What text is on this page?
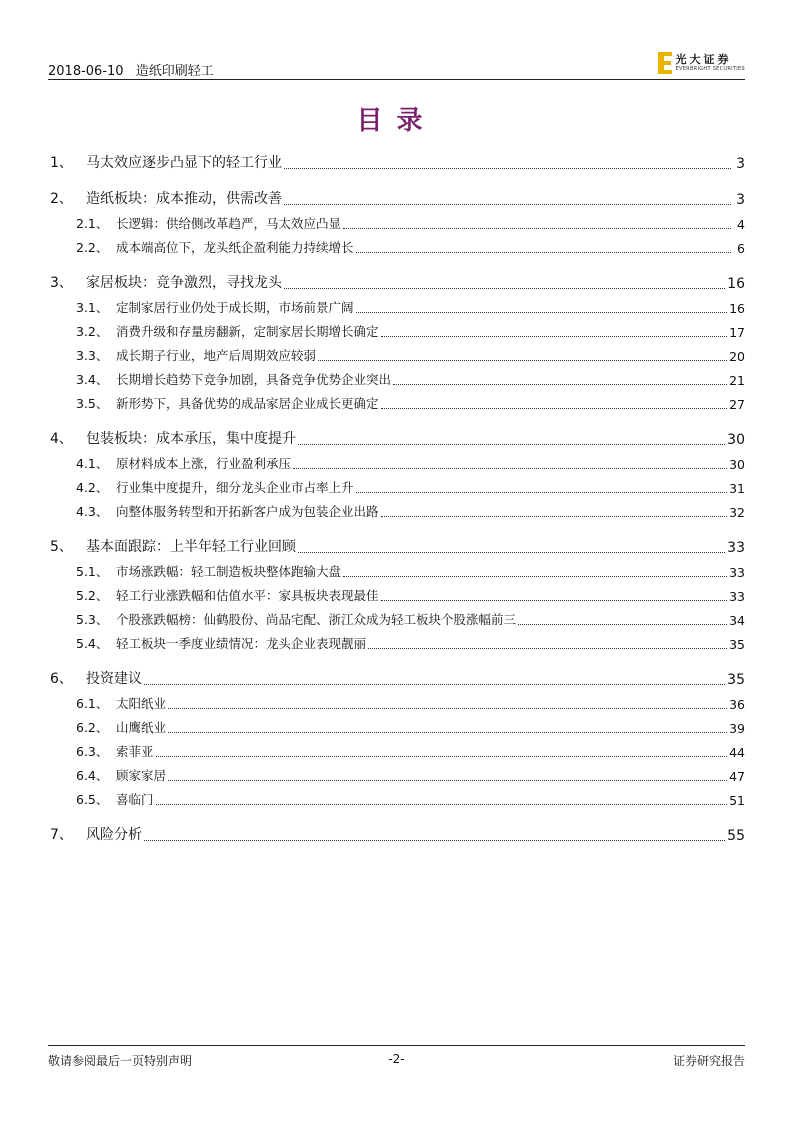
2018-06-10 造纸印刷轻工
光大证券
EVERBRIGHT SECURITIES
目录
1、 马太效应逐步凸显下的轻工行业	3
2、 造纸板块：成本推动，供需改善	3
2.1、 长逻辑：供给侧改革趋严，马太效应凸显	4
2.2、 成本端高位下，龙头纸企盈利能力持续增长	6
3、 家居板块：竞争激烈，寻找龙头	16
3.1、 定制家居行业仍处于成长期，市场前景广阔	16
3.2、 消费升级和存量房翻新，定制家居长期增长确定	17
3.3、 成长期子行业，地产后周期效应较弱	20
3.4、 长期增长趋势下竞争加剧，具备竞争优势企业突出	21
3.5、 新形势下，具备优势的成品家居企业成长更确定	27
4、 包装板块：成本承压，集中度提升	30
4.1、 原材料成本上涨，行业盈利承压	30
4.2、 行业集中度提升，细分龙头企业市占率上升	31
4.3、 向整体服务转型和开拓新客户成为包装企业出路	32
5、 基本面跟踪：上半年轻工行业回顾	33
5.1、 市场涨跌幅：轻工制造板块整体跑输大盘	33
5.2、 轻工行业涨跌幅和估值水平：家具板块表现最佳	33
5.3、 个股涨跌幅榜：仙鹤股份、尚品宅配、浙江众成为轻工板块个股涨幅前三	34
5.4、 轻工板块一季度业绩情况：龙头企业表现靓丽	35
6、 投资建议	35
6.1、 太阳纸业	36
6.2、 山鹰纸业	39
6.3、 索菲亚	44
6.4、 顾家家居	47
6.5、 喜临门	51
7、 风险分析	55
敬请参阅最后一页特别声明	-2-	证券研究报告
